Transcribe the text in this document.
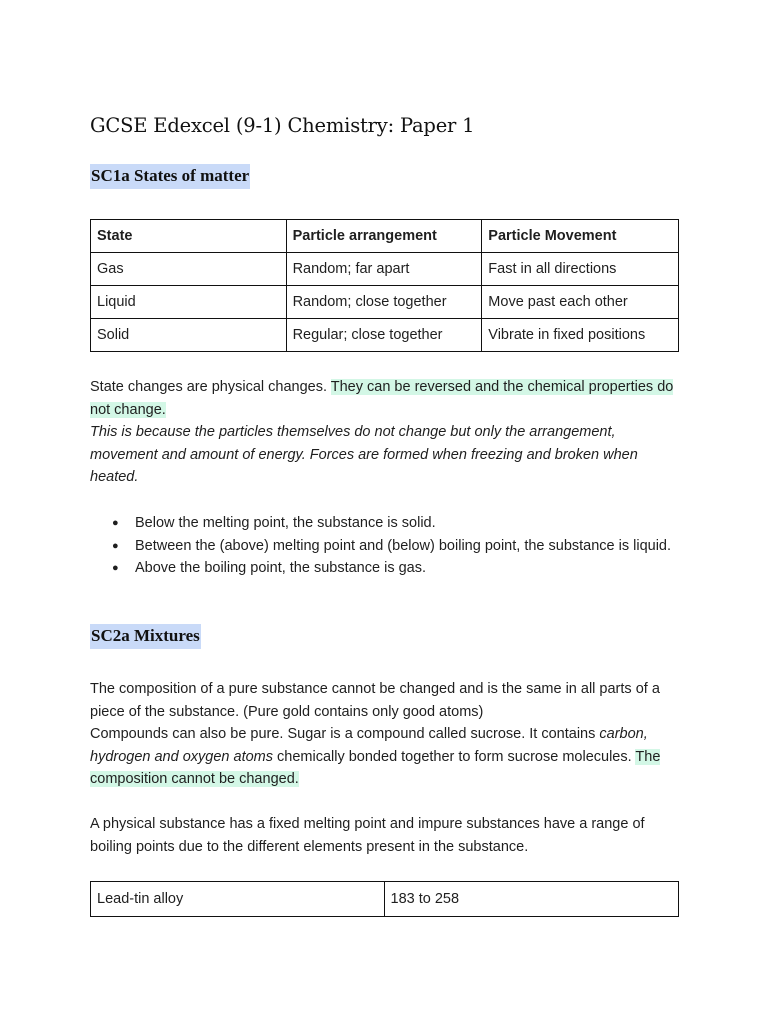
GCSE Edexcel (9-1) Chemistry: Paper 1
SC1a States of matter
State	Particle arrangement	Particle Movement
Gas	Random; far apart	Fast in all directions
Liquid	Random; close together	Move past each other
Solid	Regular; close together	Vibrate in fixed positions
State changes are physical changes. They can be reversed and the chemical properties do not change.
This is because the particles themselves do not change but only the arrangement, movement and amount of energy. Forces are formed when freezing and broken when heated.
● Below the melting point, the substance is solid.
● Between the (above) melting point and (below) boiling point, the substance is liquid.
● Above the boiling point, the substance is gas.
SC2a Mixtures
The composition of a pure substance cannot be changed and is the same in all parts of a piece of the substance. (Pure gold contains only good atoms)
Compounds can also be pure. Sugar is a compound called sucrose. It contains carbon, hydrogen and oxygen atoms chemically bonded together to form sucrose molecules. The composition cannot be changed.
A physical substance has a fixed melting point and impure substances have a range of boiling points due to the different elements present in the substance.
Lead-tin alloy	183 to 258
